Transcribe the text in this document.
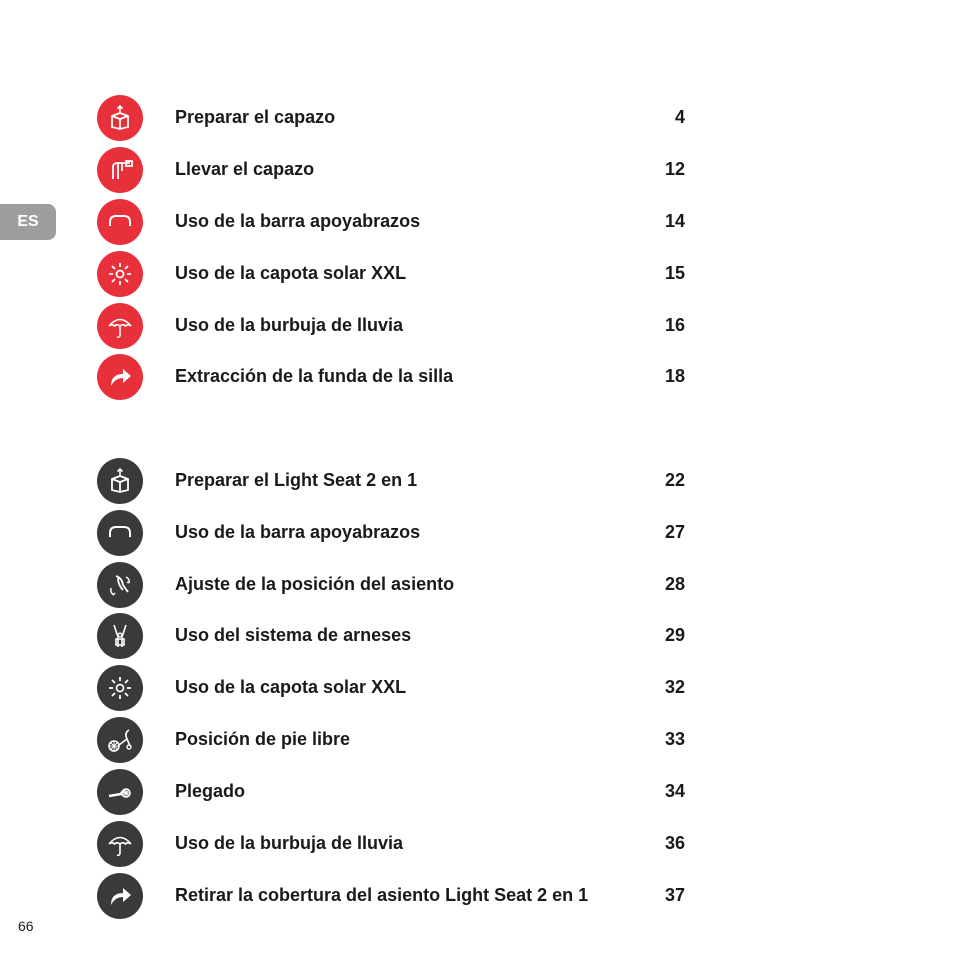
ES
Preparar el capazo	4
Llevar el capazo	12
Uso de la barra apoyabrazos	14
Uso de la capota solar XXL	15
Uso de la burbuja de lluvia	16
Extracción de la funda de la silla	18
Preparar el Light Seat 2 en 1	22
Uso de la barra apoyabrazos	27
Ajuste de la posición del asiento	28
Uso del sistema de arneses	29
Uso de la capota solar XXL	32
Posición de pie libre	33
Plegado	34
Uso de la burbuja de lluvia	36
Retirar la cobertura del asiento Light Seat 2 en 1	37
66
